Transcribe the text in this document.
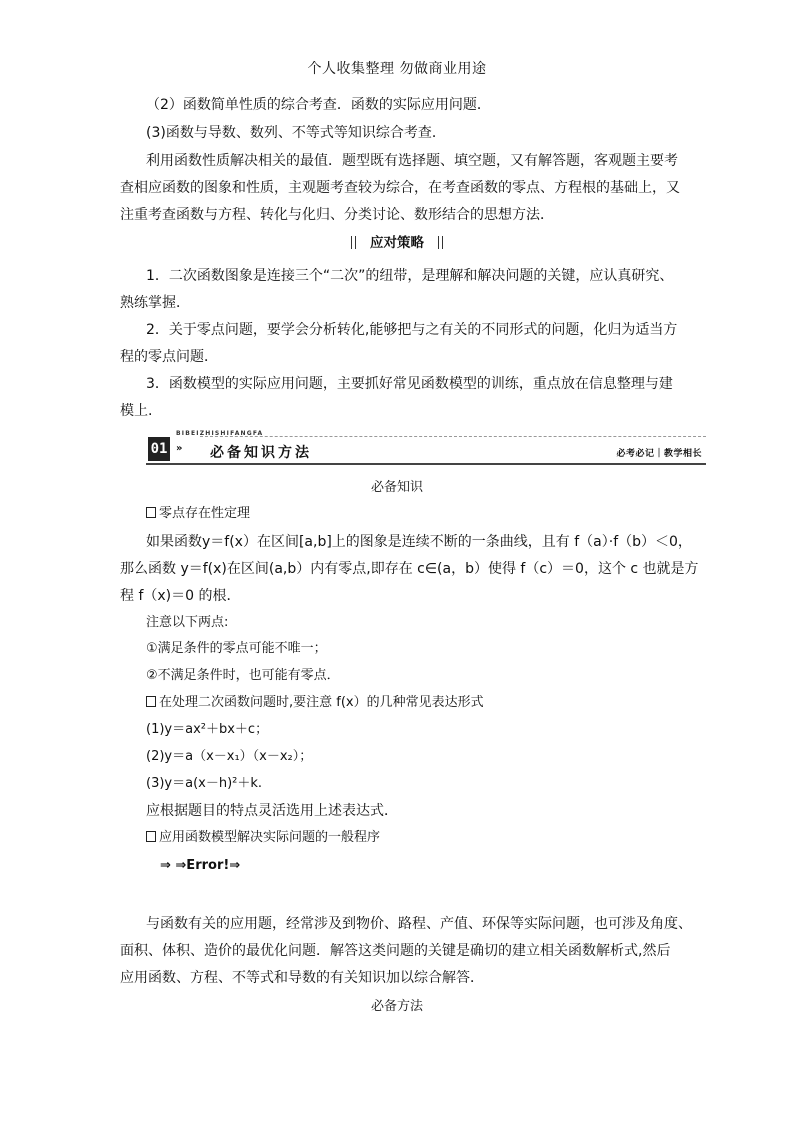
个人收集整理 勿做商业用途
（2）函数简单性质的综合考查．函数的实际应用问题．
(3)函数与导数、数列、不等式等知识综合考查．
利用函数性质解决相关的最值．题型既有选择题、填空题，又有解答题，客观题主要考
查相应函数的图象和性质，主观题考查较为综合，在考查函数的零点、方程根的基础上，又
注重考查函数与方程、转化与化归、分类讨论、数形结合的思想方法．
应对策略
1．二次函数图象是连接三个“二次”的纽带，是理解和解决问题的关键，应认真研究、
熟练掌握．
2．关于零点问题，要学会分析转化,能够把与之有关的不同形式的问题，化归为适当方
程的零点问题．
3．函数模型的实际应用问题，主要抓好常见函数模型的训练，重点放在信息整理与建
模上.
01
BIBEIZHISHIFANGFA
» 必备知识方法	必考必记｜教学相长
必备知识
零点存在性定理
如果函数y＝f(x）在区间[a,b]上的图象是连续不断的一条曲线，且有 f（a）·f（b）＜0，
那么函数 y＝f(x)在区间(a,b）内有零点,即存在 c∈(a，b）使得 f（c）＝0，这个 c 也就是方
程 f（x)＝0 的根．
注意以下两点:
①满足条件的零点可能不唯一；
②不满足条件时，也可能有零点．
在处理二次函数问题时,要注意 f(x）的几种常见表达形式
(1)y＝ax²＋bx＋c；
(2)y＝a（x－x₁）（x－x₂）；
(3)y＝a(x－h)²＋k.
应根据题目的特点灵活选用上述表达式．
应用函数模型解决实际问题的一般程序
⇒ ⇒Error!⇒
与函数有关的应用题，经常涉及到物价、路程、产值、环保等实际问题，也可涉及角度、
面积、体积、造价的最优化问题．解答这类问题的关键是确切的建立相关函数解析式,然后
应用函数、方程、不等式和导数的有关知识加以综合解答．
必备方法
